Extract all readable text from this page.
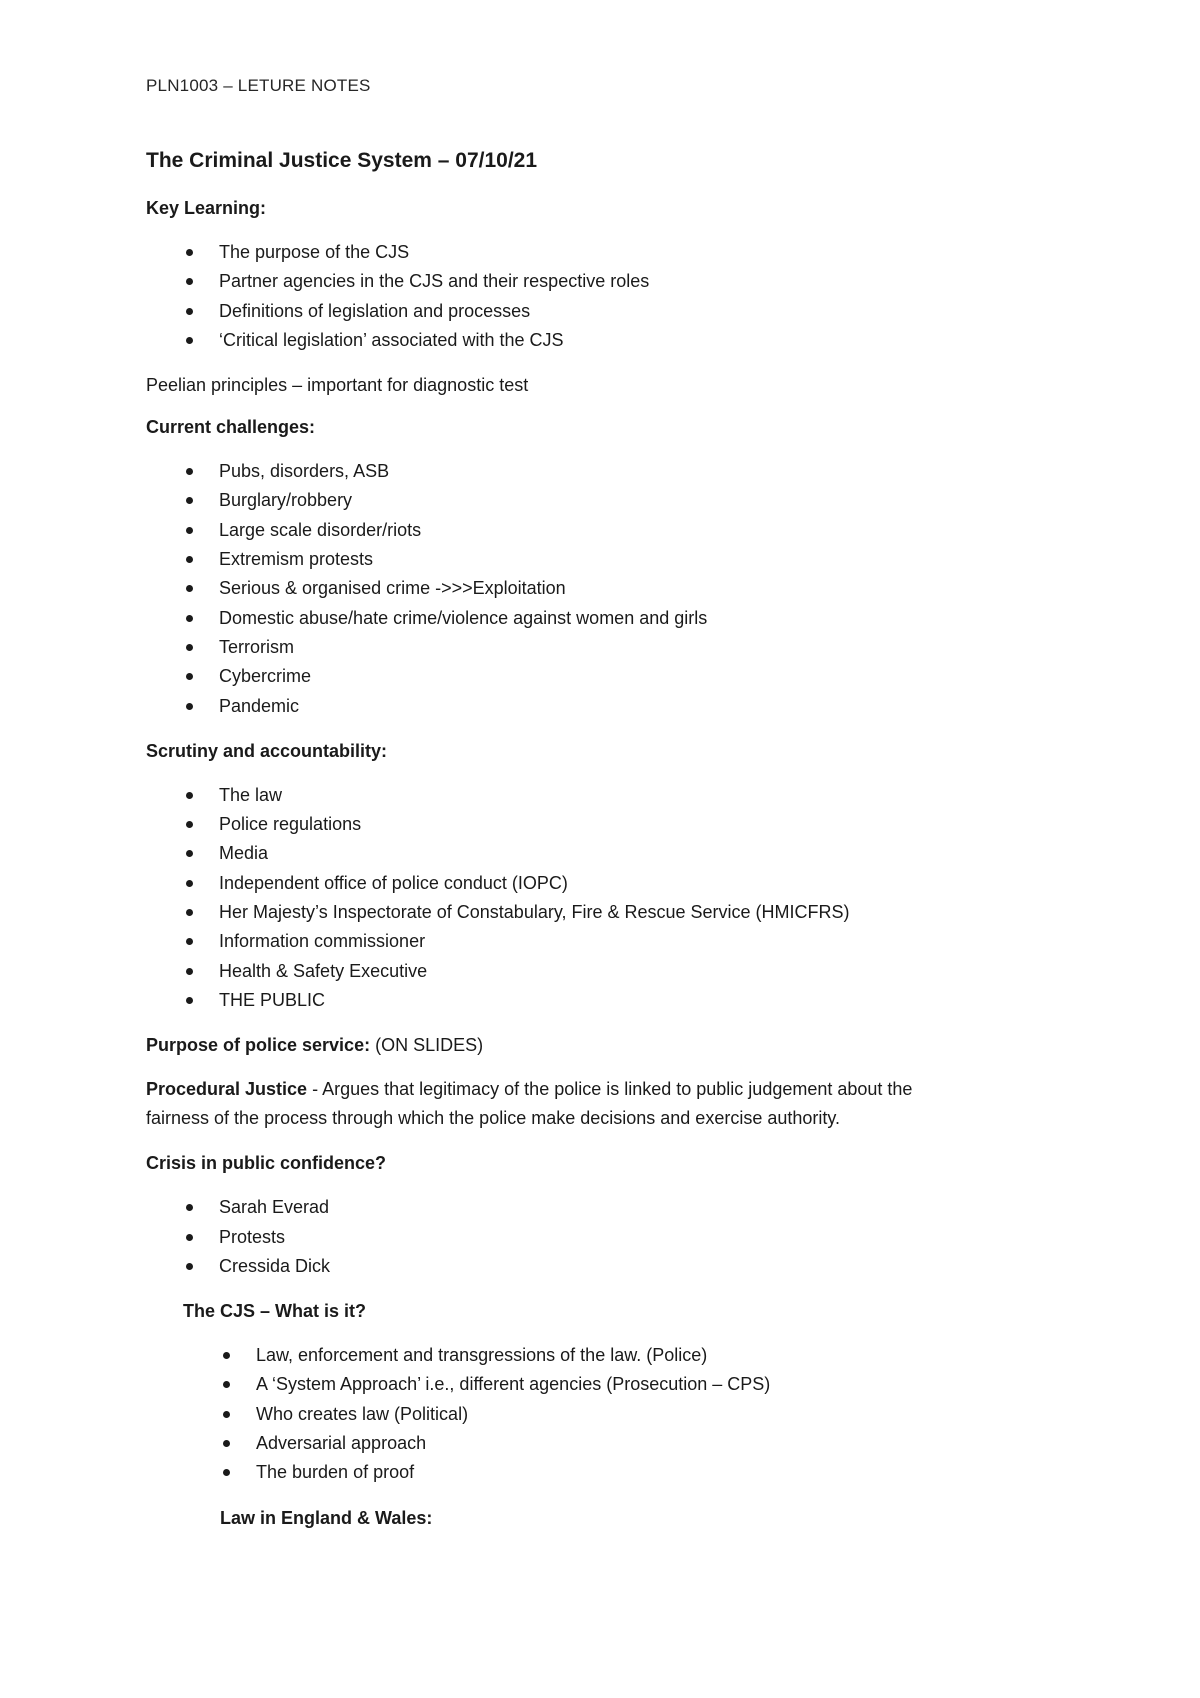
PLN1003 – LETURE NOTES
The Criminal Justice System – 07/10/21
Key Learning:
The purpose of the CJS
Partner agencies in the CJS and their respective roles
Definitions of legislation and processes
‘Critical legislation’ associated with the CJS
Peelian principles – important for diagnostic test
Current challenges:
Pubs, disorders, ASB
Burglary/robbery
Large scale disorder/riots
Extremism protests
Serious & organised crime ->>>Exploitation
Domestic abuse/hate crime/violence against women and girls
Terrorism
Cybercrime
Pandemic
Scrutiny and accountability:
The law
Police regulations
Media
Independent office of police conduct (IOPC)
Her Majesty’s Inspectorate of Constabulary, Fire & Rescue Service (HMICFRS)
Information commissioner
Health & Safety Executive
THE PUBLIC
Purpose of police service: (ON SLIDES)
Procedural Justice - Argues that legitimacy of the police is linked to public judgement about the
fairness of the process through which the police make decisions and exercise authority.
Crisis in public confidence?
Sarah Everad
Protests
Cressida Dick
The CJS – What is it?
Law, enforcement and transgressions of the law. (Police)
A ‘System Approach’ i.e., different agencies (Prosecution – CPS)
Who creates law (Political)
Adversarial approach
The burden of proof
Law in England & Wales:
